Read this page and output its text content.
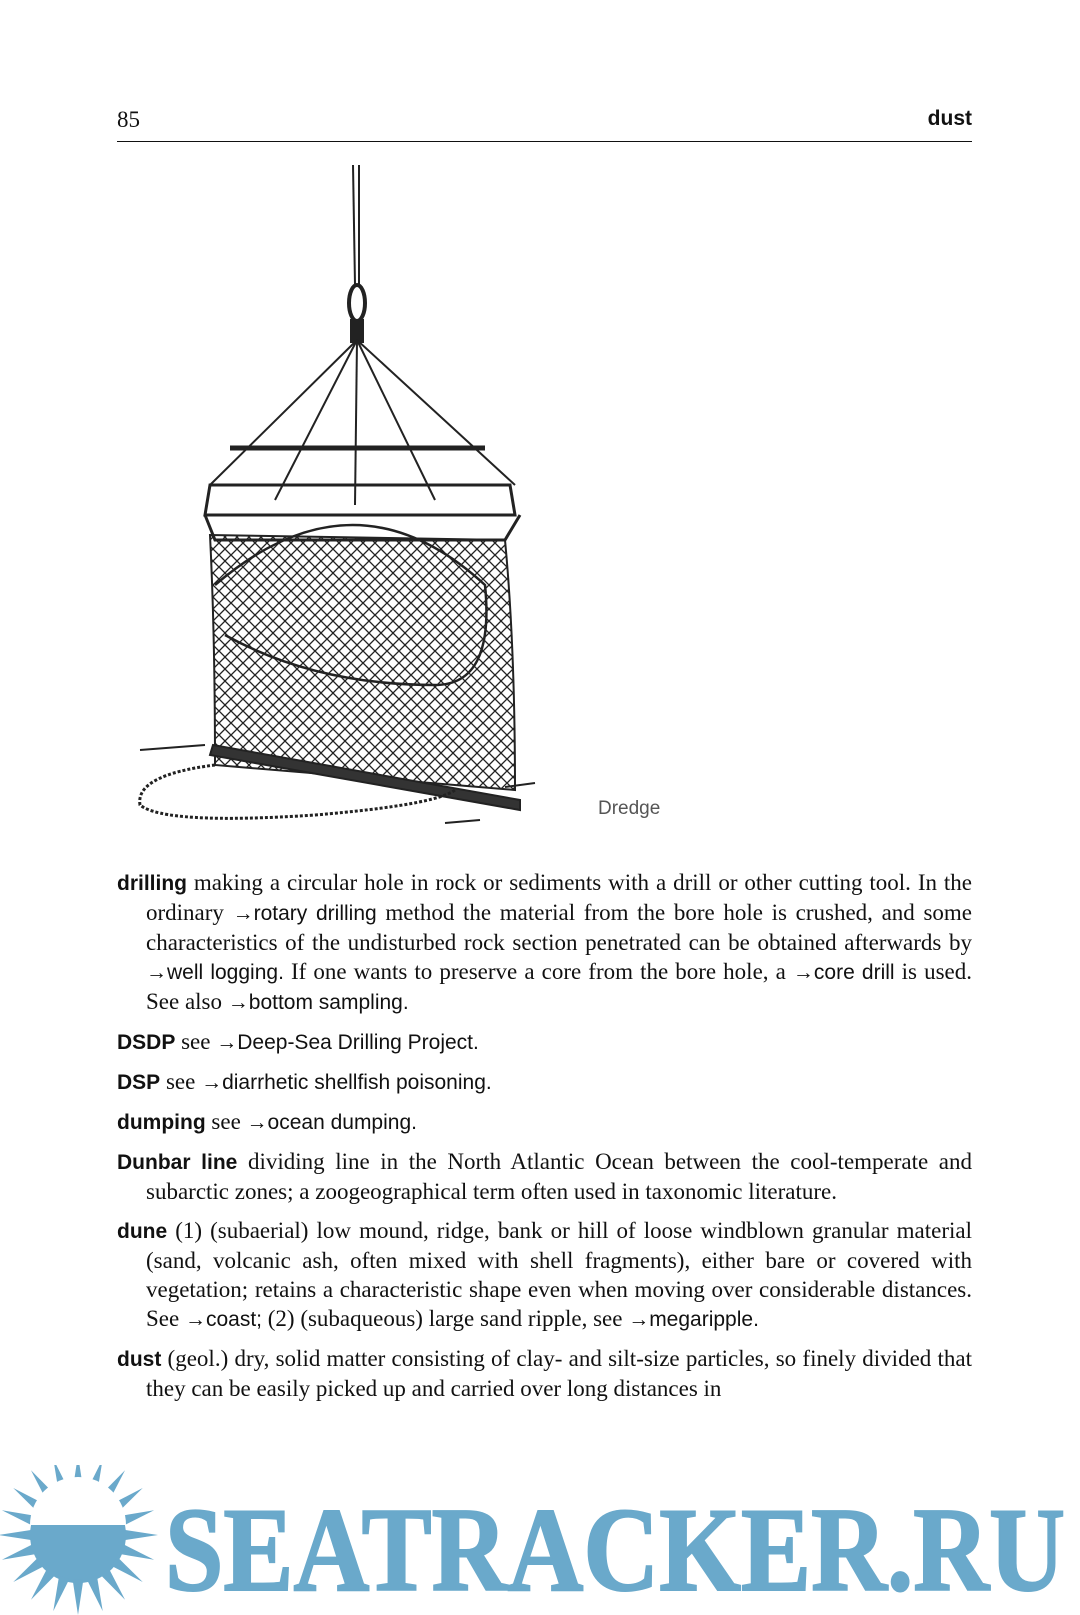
85	dust
Dredge
drilling making a circular hole in rock or sediments with a drill or other cutting tool. In the ordinary →rotary drilling method the material from the bore hole is crushed, and some characteristics of the undisturbed rock section penetrated can be obtained afterwards by →well logging. If one wants to preserve a core from the bore hole, a →core drill is used. See also →bottom sampling.
DSDP see →Deep-Sea Drilling Project.
DSP see →diarrhetic shellfish poisoning.
dumping see →ocean dumping.
Dunbar line dividing line in the North Atlantic Ocean between the cool-temperate and subarctic zones; a zoogeographical term often used in taxonomic literature.
dune (1) (subaerial) low mound, ridge, bank or hill of loose windblown granular material (sand, volcanic ash, often mixed with shell fragments), either bare or covered with vegetation; retains a characteristic shape even when moving over considerable distances. See →coast; (2) (subaqueous) large sand ripple, see →megaripple.
dust (geol.) dry, solid matter consisting of clay- and silt-size particles, so finely divided that they can be easily picked up and carried over long distances in
SEATRACKER.RU
